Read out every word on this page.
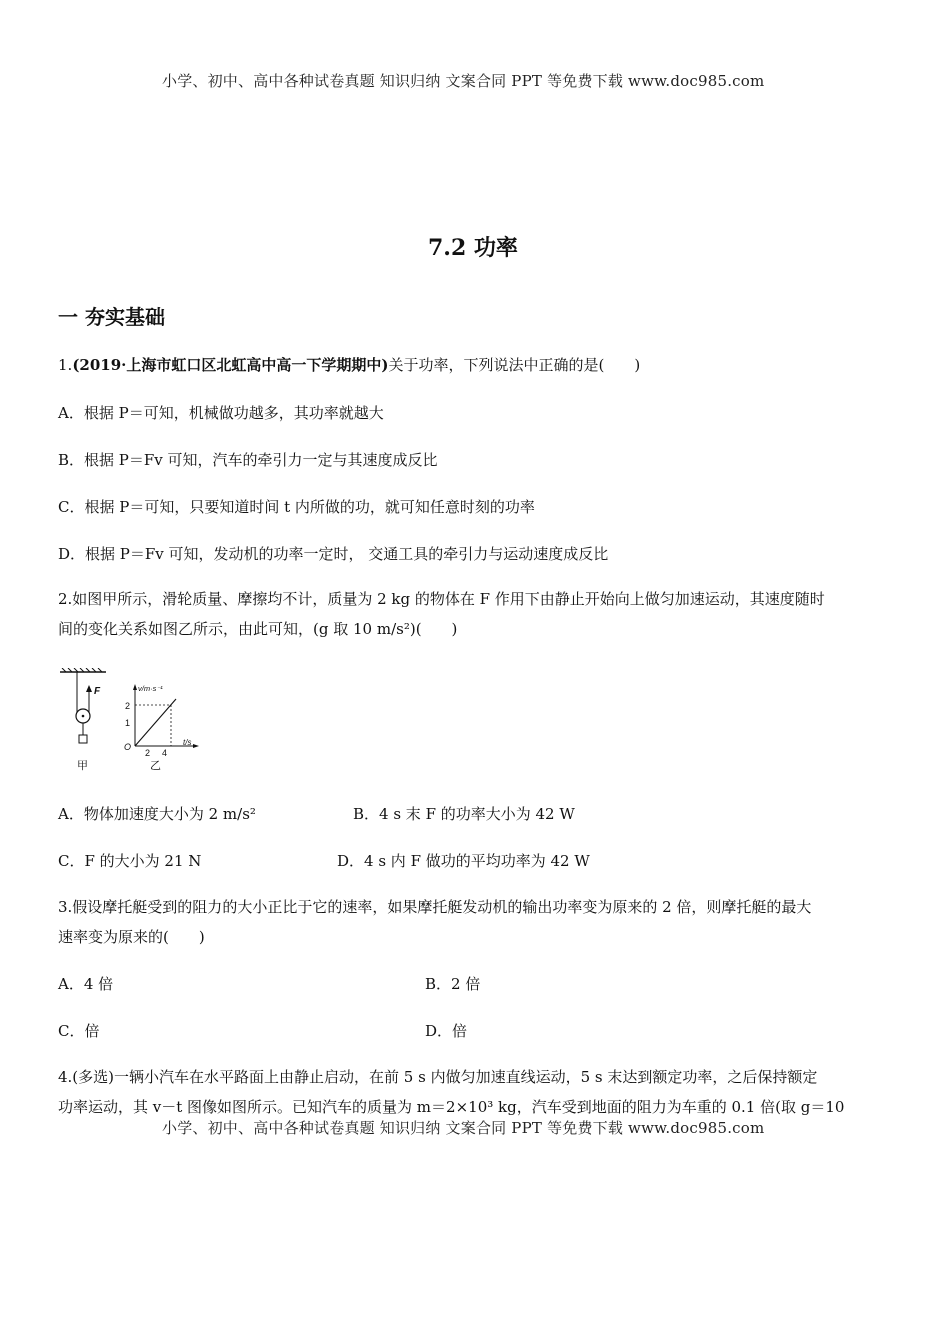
小学、初中、高中各种试卷真题 知识归纳 文案合同 PPT 等免费下载 www.doc985.com
7.2 功率
一 夯实基础
1.(2019·上海市虹口区北虹高中高一下学期期中)关于功率，下列说法中正确的是(　　)
A．根据 P＝可知，机械做功越多，其功率就越大
B．根据 P＝Fv 可知，汽车的牵引力一定与其速度成反比
C．根据 P＝可知，只要知道时间 t 内所做的功，就可知任意时刻的功率
D．根据 P＝Fv 可知，发动机的功率一定时， 交通工具的牵引力与运动速度成反比
2.如图甲所示，滑轮质量、摩擦均不计，质量为 2 kg 的物体在 F 作用下由静止开始向上做匀加速运动，其速度随时
间的变化关系如图乙所示，由此可知，(g 取 10 m/s²)(　　)
F	v/m·s⁻¹
t/s
O
2
1
2 4
甲	乙
A．物体加速度大小为 2 m/s²	B．4 s 末 F 的功率大小为 42 W
C．F 的大小为 21 N	D．4 s 内 F 做功的平均功率为 42 W
3.假设摩托艇受到的阻力的大小正比于它的速率，如果摩托艇发动机的输出功率变为原来的 2 倍，则摩托艇的最大
速率变为原来的(　　)
A．4 倍	B．2 倍
C．倍	D．倍
4.(多选)一辆小汽车在水平路面上由静止启动，在前 5 s 内做匀加速直线运动，5 s 末达到额定功率，之后保持额定
功率运动，其 v－t 图像如图所示。已知汽车的质量为 m＝2×10³ kg，汽车受到地面的阻力为车重的 0.1 倍(取 g＝10
小学、初中、高中各种试卷真题 知识归纳 文案合同 PPT 等免费下载 www.doc985.com
